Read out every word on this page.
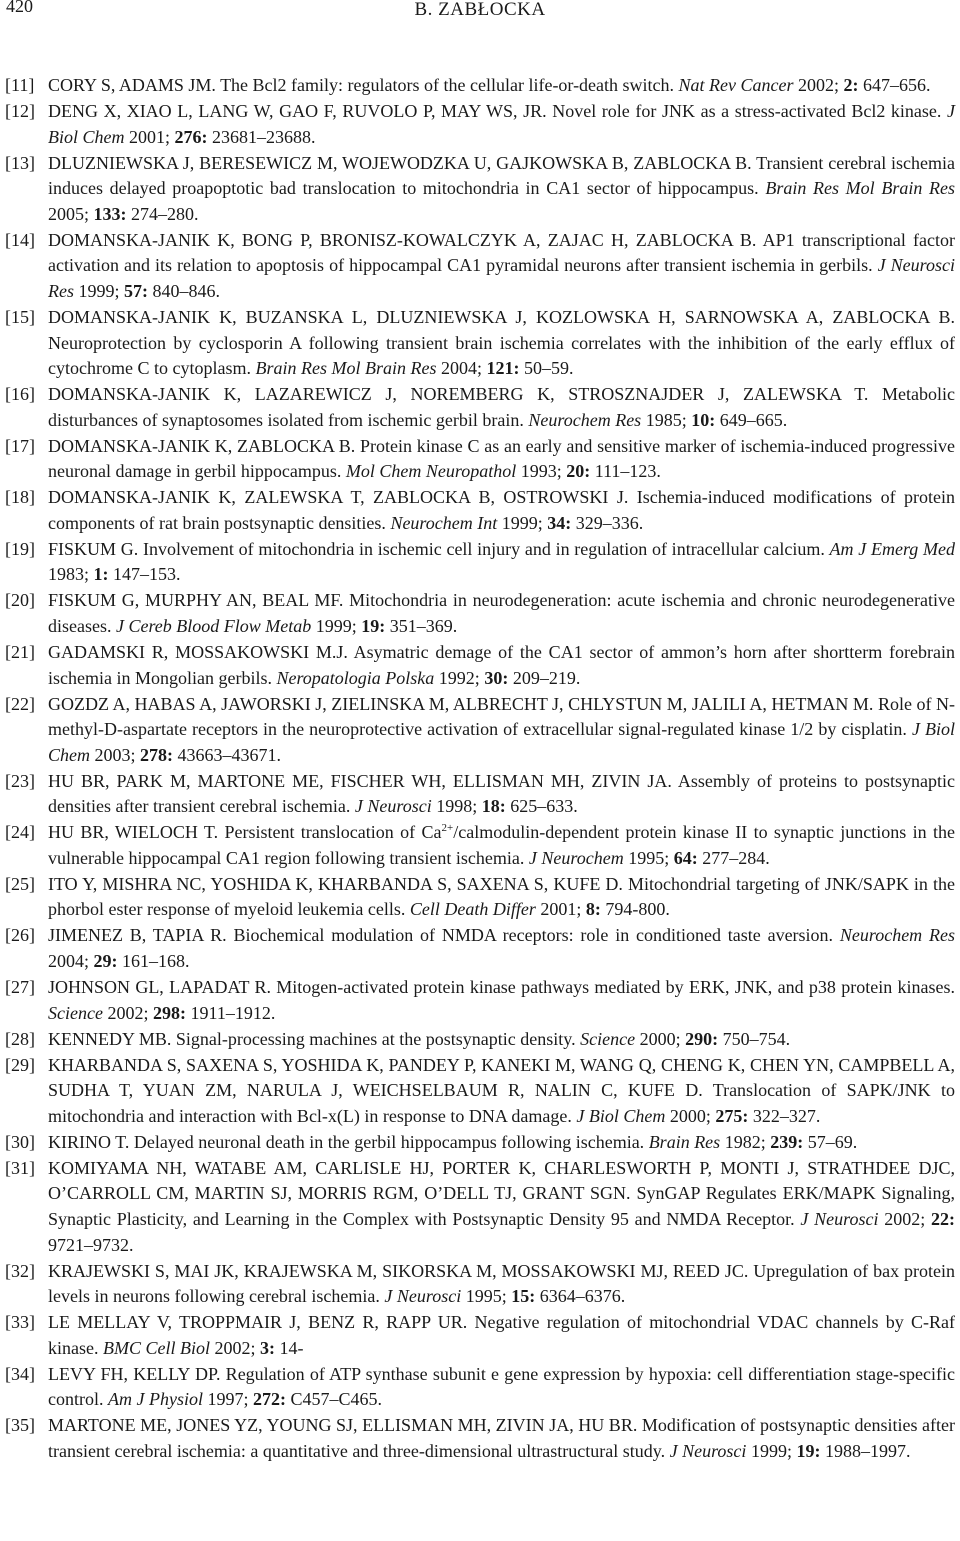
420	B. ZABŁOCKA
[11] CORY S, ADAMS JM. The Bcl2 family: regulators of the cellular life-or-death switch. Nat Rev Cancer 2002; 2: 647–656.
[12] DENG X, XIAO L, LANG W, GAO F, RUVOLO P, MAY WS, JR. Novel role for JNK as a stress-activated Bcl2 kinase. J Biol Chem 2001; 276: 23681–23688.
[13] DLUZNIEWSKA J, BERESEWICZ M, WOJEWODZKA U, GAJKOWSKA B, ZABLOCKA B. Transient cerebral ischemia induces delayed proapoptotic bad translocation to mitochondria in CA1 sector of hippocampus. Brain Res Mol Brain Res 2005; 133: 274–280.
[14] DOMANSKA-JANIK K, BONG P, BRONISZ-KOWALCZYK A, ZAJAC H, ZABLOCKA B. AP1 transcriptional factor activation and its relation to apoptosis of hippocampal CA1 pyramidal neurons after transient ischemia in gerbils. J Neurosci Res 1999; 57: 840–846.
[15] DOMANSKA-JANIK K, BUZANSKA L, DLUZNIEWSKA J, KOZLOWSKA H, SARNOWSKA A, ZABLOCKA B. Neuroprotection by cyclosporin A following transient brain ischemia correlates with the inhibition of the early efflux of cytochrome C to cytoplasm. Brain Res Mol Brain Res 2004; 121: 50–59.
[16] DOMANSKA-JANIK K, LAZAREWICZ J, NOREMBERG K, STROSZNAJDER J, ZALEWSKA T. Metabolic disturbances of synaptosomes isolated from ischemic gerbil brain. Neurochem Res 1985; 10: 649–665.
[17] DOMANSKA-JANIK K, ZABLOCKA B. Protein kinase C as an early and sensitive marker of ischemia-induced progressive neuronal damage in gerbil hippocampus. Mol Chem Neuropathol 1993; 20: 111–123.
[18] DOMANSKA-JANIK K, ZALEWSKA T, ZABLOCKA B, OSTROWSKI J. Ischemia-induced modifications of protein components of rat brain postsynaptic densities. Neurochem Int 1999; 34: 329–336.
[19] FISKUM G. Involvement of mitochondria in ischemic cell injury and in regulation of intracellular calcium. Am J Emerg Med 1983; 1: 147–153.
[20] FISKUM G, MURPHY AN, BEAL MF. Mitochondria in neurodegeneration: acute ischemia and chronic neurodegenerative diseases. J Cereb Blood Flow Metab 1999; 19: 351–369.
[21] GADAMSKI R, MOSSAKOWSKI M.J. Asymatric demage of the CA1 sector of ammon’s horn after shortterm forebrain ischemia in Mongolian gerbils. Neropatologia Polska 1992; 30: 209–219.
[22] GOZDZ A, HABAS A, JAWORSKI J, ZIELINSKA M, ALBRECHT J, CHLYSTUN M, JALILI A, HETMAN M. Role of N-methyl-D-aspartate receptors in the neuroprotective activation of extracellular signal-regulated kinase 1/2 by cisplatin. J Biol Chem 2003; 278: 43663–43671.
[23] HU BR, PARK M, MARTONE ME, FISCHER WH, ELLISMAN MH, ZIVIN JA. Assembly of proteins to postsynaptic densities after transient cerebral ischemia. J Neurosci 1998; 18: 625–633.
[24] HU BR, WIELOCH T. Persistent translocation of $Ca^{2+}/calmodulin$-dependent protein kinase II to synaptic junctions in the vulnerable hippocampal CA1 region following transient ischemia. J Neurochem 1995; 64: 277–284.
[25] ITO Y, MISHRA NC, YOSHIDA K, KHARBANDA S, SAXENA S, KUFE D. Mitochondrial targeting of JNK/SAPK in the phorbol ester response of myeloid leukemia cells. Cell Death Differ 2001; 8: 794-800.
[26] JIMENEZ B, TAPIA R. Biochemical modulation of NMDA receptors: role in conditioned taste aversion. Neurochem Res 2004; 29: 161–168.
[27] JOHNSON GL, LAPADAT R. Mitogen-activated protein kinase pathways mediated by ERK, JNK, and p38 protein kinases. Science 2002; 298: 1911–1912.
[28] KENNEDY MB. Signal-processing machines at the postsynaptic density. Science 2000; 290: 750–754.
[29] KHARBANDA S, SAXENA S, YOSHIDA K, PANDEY P, KANEKI M, WANG Q, CHENG K, CHEN YN, CAMPBELL A, SUDHA T, YUAN ZM, NARULA J, WEICHSELBAUM R, NALIN C, KUFE D. Translocation of SAPK/JNK to mitochondria and interaction with Bcl-x(L) in response to DNA damage. J Biol Chem 2000; 275: 322–327.
[30] KIRINO T. Delayed neuronal death in the gerbil hippocampus following ischemia. Brain Res 1982; 239: 57–69.
[31] KOMIYAMA NH, WATABE AM, CARLISLE HJ, PORTER K, CHARLESWORTH P, MONTI J, STRATHDEE DJC, O’CARROLL CM, MARTIN SJ, MORRIS RGM, O’DELL TJ, GRANT SGN. SynGAP Regulates ERK/MAPK Signaling, Synaptic Plasticity, and Learning in the Complex with Postsynaptic Density 95 and NMDA Receptor. J Neurosci 2002; 22: 9721–9732.
[32] KRAJEWSKI S, MAI JK, KRAJEWSKA M, SIKORSKA M, MOSSAKOWSKI MJ, REED JC. Upregulation of bax protein levels in neurons following cerebral ischemia. J Neurosci 1995; 15: 6364–6376.
[33] LE MELLAY V, TROPPMAIR J, BENZ R, RAPP UR. Negative regulation of mitochondrial VDAC channels by C-Raf kinase. BMC Cell Biol 2002; 3: 14-
[34] LEVY FH, KELLY DP. Regulation of ATP synthase subunit e gene expression by hypoxia: cell differentiation stage-specific control. Am J Physiol 1997; 272: C457–C465.
[35] MARTONE ME, JONES YZ, YOUNG SJ, ELLISMAN MH, ZIVIN JA, HU BR. Modification of postsynaptic densities after transient cerebral ischemia: a quantitative and three-dimensional ultrastructural study. J Neurosci 1999; 19: 1988–1997.
